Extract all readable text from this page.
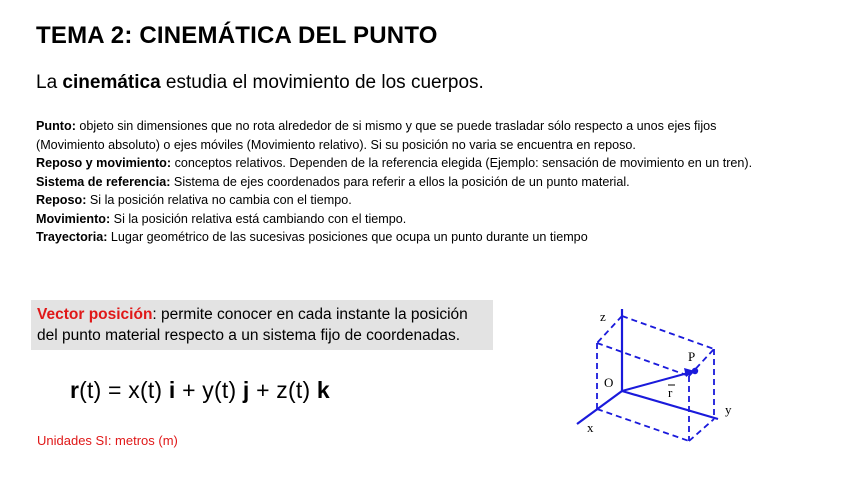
TEMA 2: CINEMÁTICA DEL PUNTO
La cinemática estudia el movimiento de los cuerpos.

Punto: objeto sin dimensiones que no rota alrededor de si mismo y que se puede trasladar sólo respecto a unos ejes fijos (Movimiento absoluto) o ejes móviles (Movimiento relativo). Si su posición no varia se encuentra en reposo.

Reposo y movimiento: conceptos relativos. Dependen de la referencia elegida (Ejemplo: sensación de movimiento en un tren).

Sistema de referencia: Sistema de ejes coordenados para referir a ellos la posición de un punto material.

Reposo: Si la posición relativa no cambia con el tiempo.

Movimiento: Si la posición relativa está cambiando con el tiempo.

Trayectoria: Lugar geométrico de las sucesivas posiciones que ocupa un punto durante un tiempo

Vector posición: permite conocer en cada instante la posición del punto material respecto a un sistema fijo de coordenadas.
r(t) = x(t) i + y(t) j + z(t) k
Unidades SI: metros (m)
z
O
P
r
y
x
